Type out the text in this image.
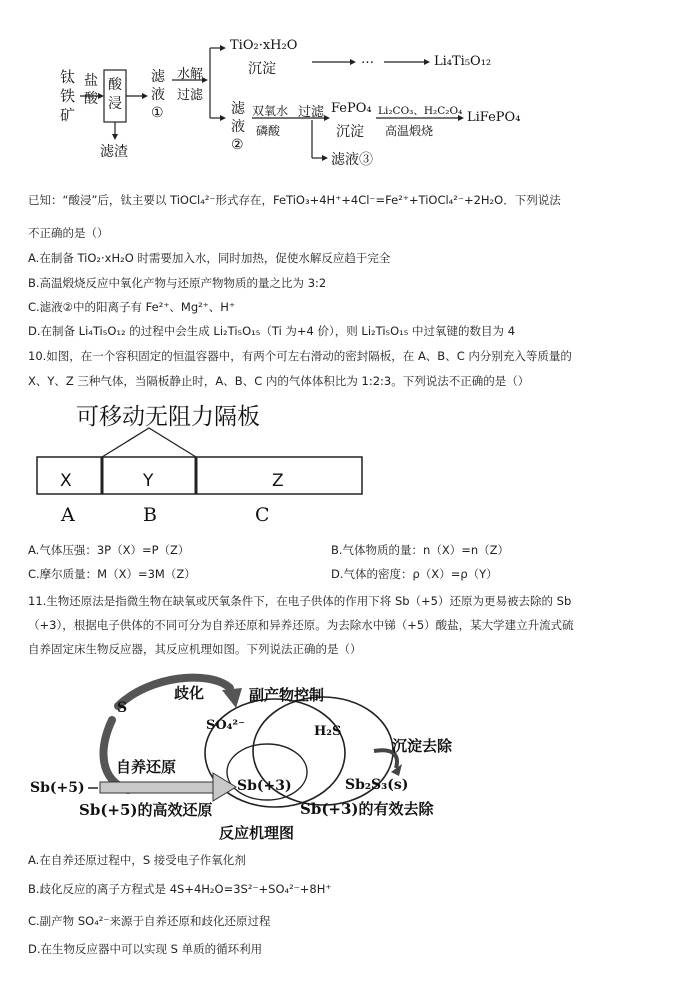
钛
铁
矿
盐
酸
酸
浸
滤渣
滤
液
①
水解
过滤
TiO₂·xH₂O
沉淀
…	Li₄Ti₅O₁₂
滤
液
②
双氧水
磷酸
过滤 FePO₄
沉淀
Li₂CO₃、H₂C₂O₄
高温煅烧
LiFePO₄
滤液③
已知：“酸浸”后，钛主要以 TiOCl₄²⁻形式存在，FeTiO₃+4H⁺+4Cl⁻=Fe²⁺+TiOCl₄²⁻+2H₂O．下列说法
不正确的是（）
A.在制备 TiO₂·xH₂O 时需要加入水，同时加热，促使水解反应趋于完全
B.高温煅烧反应中氧化产物与还原产物物质的量之比为 3:2
C.滤液②中的阳离子有 Fe²⁺、Mg²⁺、H⁺
D.在制备 Li₄Ti₅O₁₂ 的过程中会生成 Li₂Ti₅O₁₅（Ti 为+4 价），则 Li₂Ti₅O₁₅ 中过氧键的数目为 4
10.如图，在一个容积固定的恒温容器中，有两个可左右滑动的密封隔板，在 A、B、C 内分别充入等质量的
X、Y、Z 三种气体，当隔板静止时，A、B、C 内的气体体积比为 1:2:3。下列说法不正确的是（）
可移动无阻力隔板
X	Y	Z
A	B	C
A.气体压强：3P（X）=P（Z）	B.气体物质的量：n（X）=n（Z）
C.摩尔质量：M（X）=3M（Z）	D.气体的密度：ρ（X）=ρ（Y）
11.生物还原法是指微生物在缺氧或厌氧条件下，在电子供体的作用下将 Sb（+5）还原为更易被去除的 Sb
（+3），根据电子供体的不同可分为自养还原和异养还原。为去除水中锑（+5）酸盐，某大学建立升流式硫
自养固定床生物反应器，其反应机理如图。下列说法正确的是（）
S
歧化	副产物控制
SO₄²⁻	H₂S
沉淀去除
自养还原
Sb(+5)	Sb(+3)	Sb₂S₃(s)
Sb(+5)的高效还原	Sb(+3)的有效去除
反应机理图
A.在自养还原过程中，S 接受电子作氧化剂
B.歧化反应的离子方程式是 4S+4H₂O=3S²⁻+SO₄²⁻+8H⁺
C.副产物 SO₄²⁻来源于自养还原和歧化还原过程
D.在生物反应器中可以实现 S 单质的循环利用
